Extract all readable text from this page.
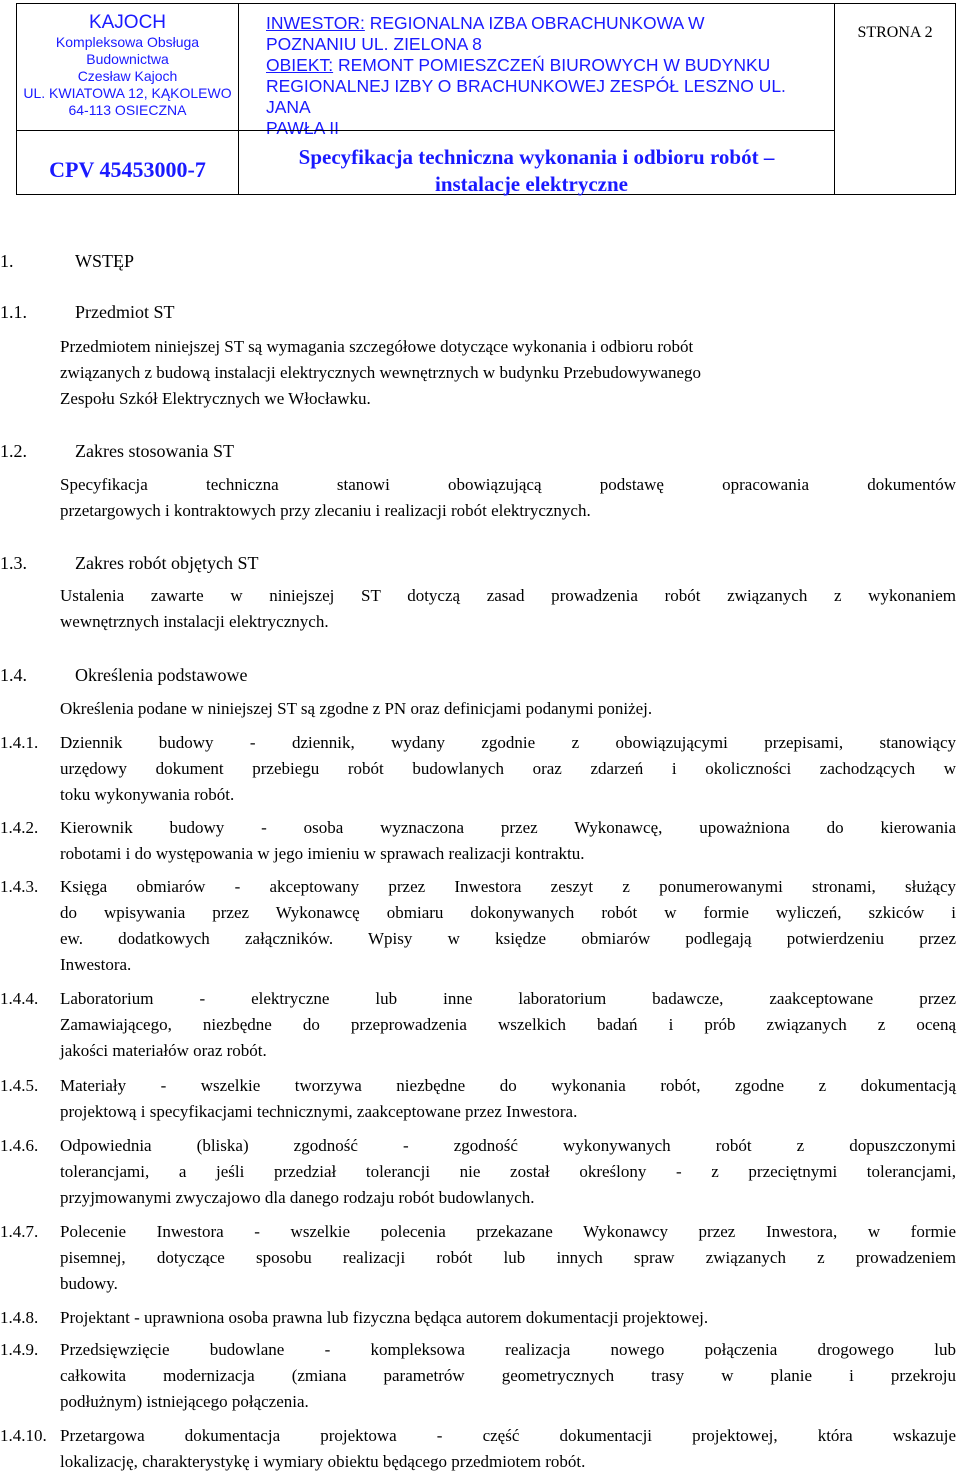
KAJOCH
Kompleksowa Obsługa
Budownictwa
Czesław Kajoch
UL. KWIATOWA 12, KĄKOLEWO
64-113 OSIECZNA
INWESTOR: REGIONALNA IZBA OBRACHUNKOWA W
POZNANIU UL. ZIELONA 8
OBIEKT: REMONT POMIESZCZEŃ BIUROWYCH W BUDYNKU
REGIONALNEJ IZBY O BRACHUNKOWEJ ZESPÓŁ LESZNO UL. JANA
PAWŁA II
STRONA 2
CPV 45453000-7	Specyfikacja techniczna wykonania i odbioru robót –
instalacje elektryczne
1.	WSTĘP
1.1.	Przedmiot ST
Przedmiotem niniejszej ST są wymagania szczegółowe dotyczące wykonania i odbioru robót
związanych z budową instalacji elektrycznych wewnętrznych w budynku Przebudowywanego
Zespołu Szkół Elektrycznych we Włocławku.
1.2.	Zakres stosowania ST
Specyfikacja techniczna stanowi obowiązującą podstawę opracowania dokumentów
przetargowych i kontraktowych przy zlecaniu i realizacji robót elektrycznych.
1.3.	Zakres robót objętych ST
Ustalenia zawarte w niniejszej ST dotyczą zasad prowadzenia robót związanych z wykonaniem
wewnętrznych instalacji elektrycznych.
1.4.	Określenia podstawowe
Określenia podane w niniejszej ST są zgodne z PN oraz definicjami podanymi poniżej.
1.4.1. Dziennik budowy - dziennik, wydany zgodnie z obowiązującymi przepisami, stanowiący
urzędowy dokument przebiegu robót budowlanych oraz zdarzeń i okoliczności zachodzących w
toku wykonywania robót.
1.4.2. Kierownik budowy - osoba wyznaczona przez Wykonawcę, upoważniona do kierowania
robotami i do występowania w jego imieniu w sprawach realizacji kontraktu.
1.4.3. Księga obmiarów - akceptowany przez Inwestora zeszyt z ponumerowanymi stronami, służący
do wpisywania przez Wykonawcę obmiaru dokonywanych robót w formie wyliczeń, szkiców i
ew. dodatkowych załączników. Wpisy w księdze obmiarów podlegają potwierdzeniu przez
Inwestora.
1.4.4. Laboratorium - elektryczne lub inne laboratorium badawcze, zaakceptowane przez
Zamawiającego, niezbędne do przeprowadzenia wszelkich badań i prób związanych z oceną
jakości materiałów oraz robót.
1.4.5. Materiały - wszelkie tworzywa niezbędne do wykonania robót, zgodne z dokumentacją
projektową i specyfikacjami technicznymi, zaakceptowane przez Inwestora.
1.4.6. Odpowiednia (bliska) zgodność - zgodność wykonywanych robót z dopuszczonymi
tolerancjami, a jeśli przedział tolerancji nie został określony - z przeciętnymi tolerancjami,
przyjmowanymi zwyczajowo dla danego rodzaju robót budowlanych.
1.4.7. Polecenie Inwestora - wszelkie polecenia przekazane Wykonawcy przez Inwestora, w formie
pisemnej, dotyczące sposobu realizacji robót lub innych spraw związanych z prowadzeniem
budowy.
1.4.8. Projektant - uprawniona osoba prawna lub fizyczna będąca autorem dokumentacji projektowej.
1.4.9. Przedsięwzięcie budowlane - kompleksowa realizacja nowego połączenia drogowego lub
całkowita modernizacja (zmiana parametrów geometrycznych trasy w planie i przekroju
podłużnym) istniejącego połączenia.
1.4.10. Przetargowa dokumentacja projektowa - część dokumentacji projektowej, która wskazuje
lokalizację, charakterystykę i wymiary obiektu będącego przedmiotem robót.
